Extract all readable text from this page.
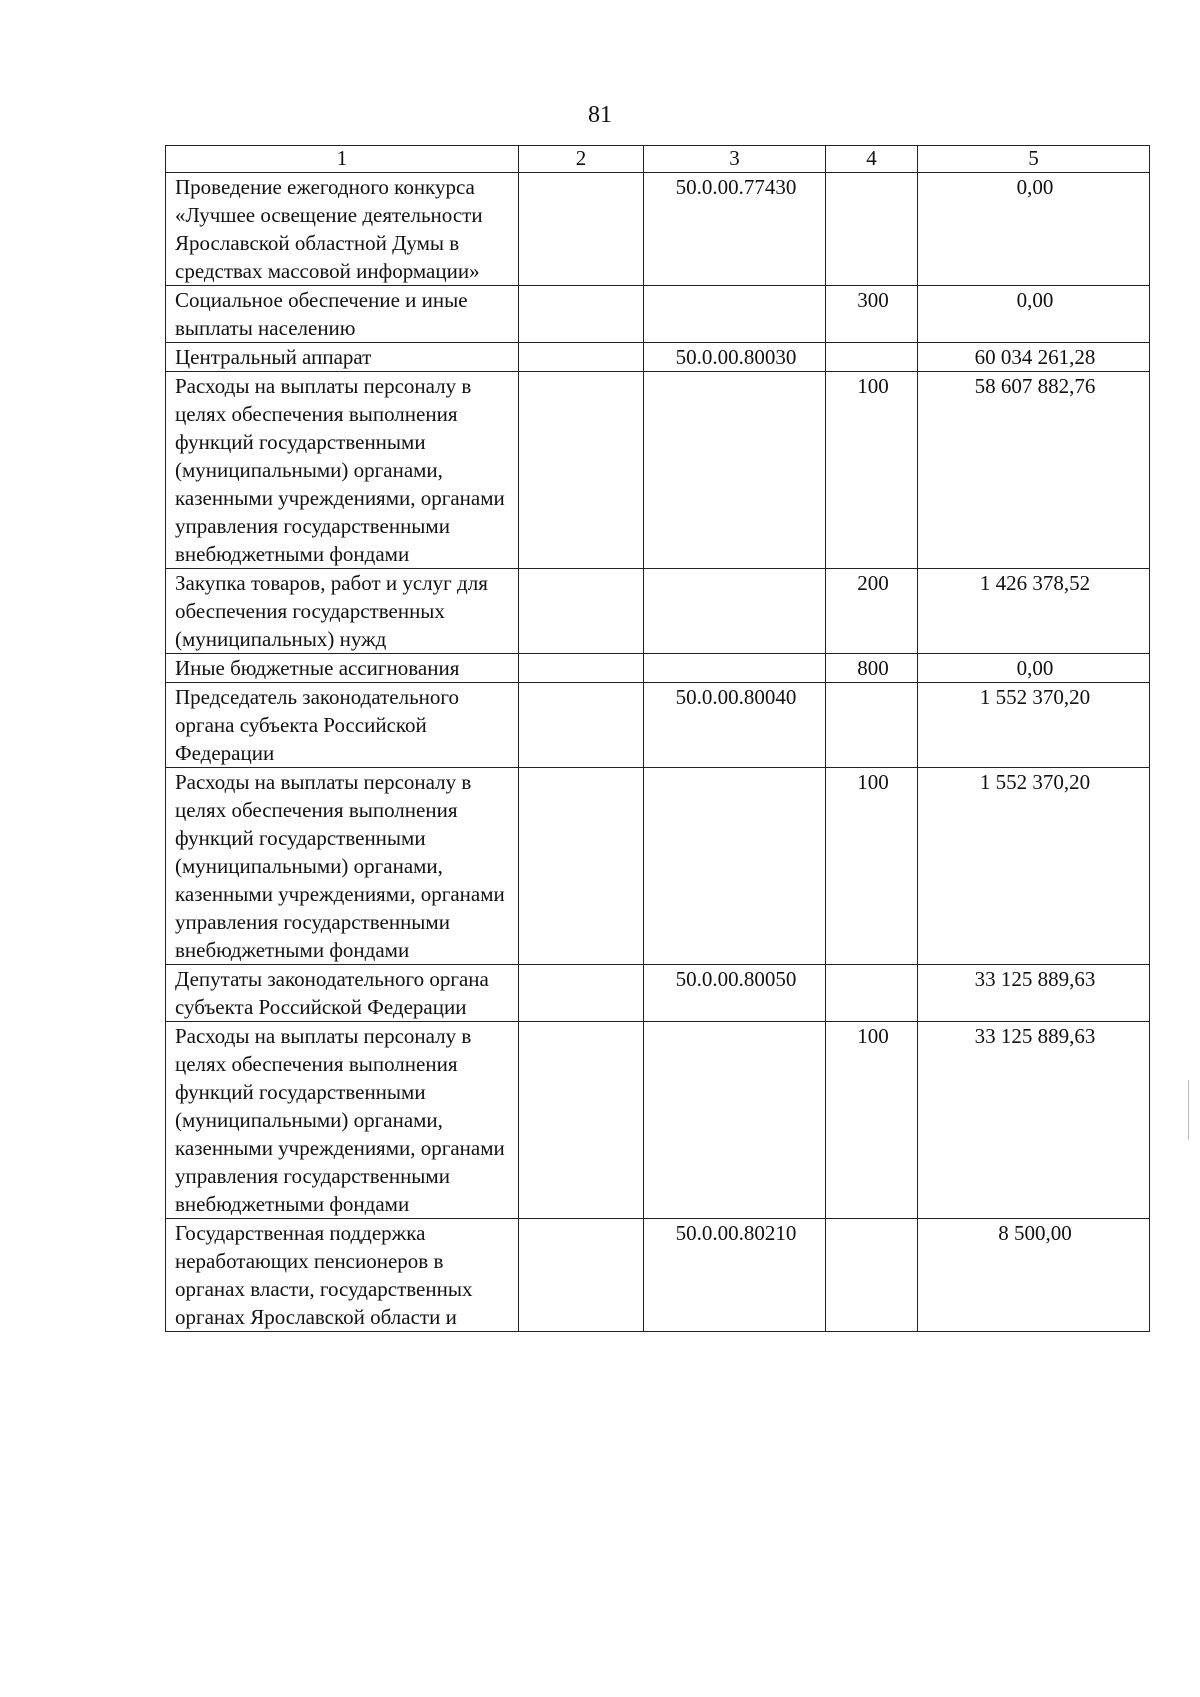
81
1	2	3	4	5
Проведение ежегодного конкурса «Лучшее освещение деятельности Ярославской областной Думы в средствах массовой информации»		50.0.00.77430		0,00
Социальное обеспечение и иные выплаты населению			300	0,00
Центральный аппарат		50.0.00.80030		60 034 261,28
Расходы на выплаты персоналу в целях обеспечения выполнения функций государственными (муниципальными) органами, казенными учреждениями, органами управления государственными внебюджетными фондами			100	58 607 882,76
Закупка товаров, работ и услуг для обеспечения государственных (муниципальных) нужд			200	1 426 378,52
Иные бюджетные ассигнования			800	0,00
Председатель законодательного органа субъекта Российской Федерации		50.0.00.80040		1 552 370,20
Расходы на выплаты персоналу в целях обеспечения выполнения функций государственными (муниципальными) органами, казенными учреждениями, органами управления государственными внебюджетными фондами			100	1 552 370,20
Депутаты законодательного органа субъекта Российской Федерации		50.0.00.80050		33 125 889,63
Расходы на выплаты персоналу в целях обеспечения выполнения функций государственными (муниципальными) органами, казенными учреждениями, органами управления государственными внебюджетными фондами			100	33 125 889,63
Государственная поддержка неработающих пенсионеров в органах власти, государственных органах Ярославской области и		50.0.00.80210		8 500,00
